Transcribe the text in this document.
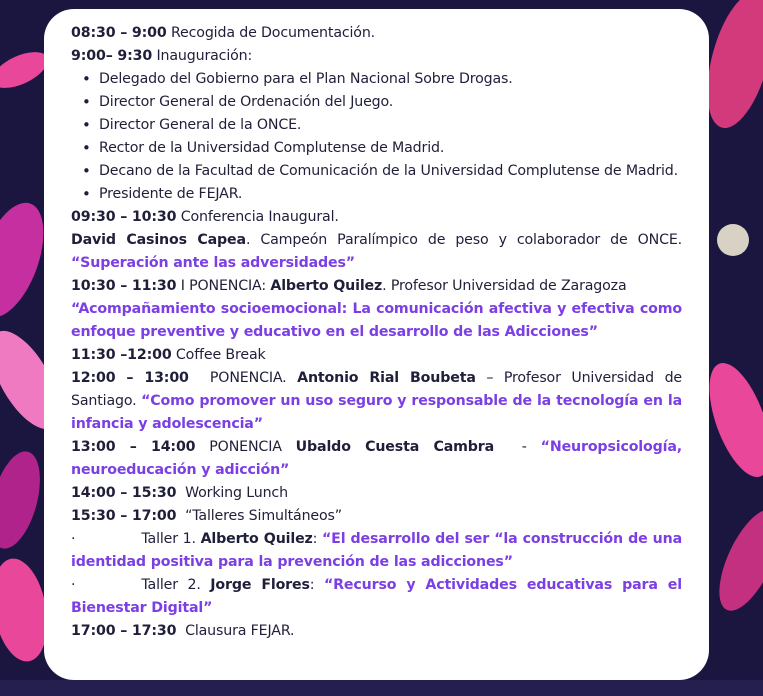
08:30 – 9:00 Recogida de Documentación.

9:00– 9:30 Inauguración:

• Delegado del Gobierno para el Plan Nacional Sobre Drogas.
• Director General de Ordenación del Juego.
• Director General de la ONCE.
• Rector de la Universidad Complutense de Madrid.
• Decano de la Facultad de Comunicación de la Universidad Complutense de Madrid.
• Presidente de FEJAR.

09:30 – 10:30 Conferencia Inaugural.

David Casinos Capea. Campeón Paralímpico de peso y colaborador de ONCE. “Superación ante las adversidades”

10:30 – 11:30 I PONENCIA: Alberto Quilez. Profesor Universidad de Zaragoza

“Acompañamiento socioemocional: La comunicación afectiva y efectiva como enfoque preventive y educativo en el desarrollo de las Adicciones”

11:30 –12:00 Coffee Break

12:00 – 13:00  PONENCIA. Antonio Rial Boubeta – Profesor Universidad de Santiago. “Como promover un uso seguro y responsable de la tecnología en la infancia y adolescencia”

13:00 – 14:00 PONENCIA Ubaldo Cuesta Cambra  - “Neuropsicología, neuroeducación y adicción”

14:00 – 15:30  Working Lunch

15:30 – 17:00  “Talleres Simultáneos”

·	Taller 1. Alberto Quilez: “El desarrollo del ser “la construcción de una identidad positiva para la prevención de las adicciones”

·	Taller 2. Jorge Flores: “Recurso y Actividades educativas para el Bienestar Digital”

17:00 – 17:30  Clausura FEJAR.
